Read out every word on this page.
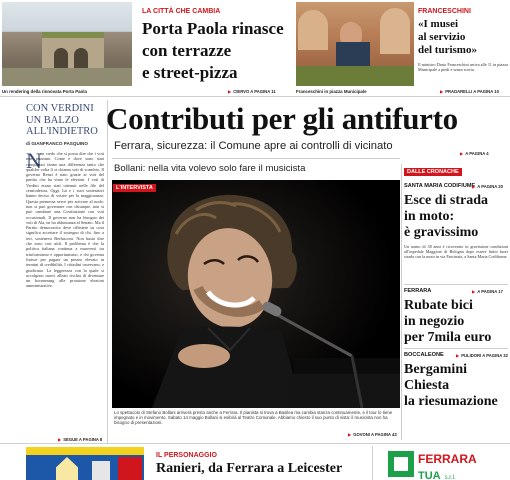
Un rendering della rinnovata Porta Paola
LA CITTÀ CHE CAMBIA
Porta Paola rinasce
con terrazze
e street-pizza
▶ CIERVO A PAGINA 11	Franceschini in piazza Municipale
FRANCESCHINI
«I musei
al servizio
del turismo»
Il ministro Dario Franceschini arriva alle 11 in piazza Municipale a piedi e senza scorta.
▶ PRADARELLI A PAGINA 10
CON VERDINI
UN BALZO
ALL'INDIETRO
di GIANFRANCO PASQUINO
N
on credo che si possa dire che i voti non puzzano. Come e dove sono stati conquistati fanno una differenza tanto che qualche volta li si chiama voti di scambio. Il governo Renzi è nato grazie ai voti del partito che ha vinto le elezioni. I voti di Verdini erano stati ottenuti nelle file del centrodestra. Oggi, lui e i suoi sostenitori hanno deciso di votare per la maggioranza. Questa premessa serve per arrivare al nodo: non si può governare con chiunque, non si può cambiare una Costituzione con voti occasionali. Il governo non ha bisogno dei voti di Ala, ne ha abbastanza al Senato. Ma il Partito democratico deve riflettere su cosa significa accettare il sostegno di chi, fino a ieri, sosteneva Berlusconi. Non basta dire che sono voti utili. Il problema è che la politica italiana continua a muoversi tra trasformismo e opportunismo, e chi governa finisce per pagare un prezzo elevato in termini di credibilità. I cittadini osservano, e giudicano. La leggerezza con la quale si accolgono nuovi alleati rischia di diventare un boomerang alle prossime elezioni amministrative.
▶ SEGUE A PAGINA 8
Contributi per gli antifurto
Ferrara, sicurezza: il Comune apre ai controlli di vicinato
▶ A PAGINA 4
Bollani: nella vita volevo solo fare il musicista
L'INTERVISTA
Lo spettacolo di Stefano Bollani arriverà presto anche a Ferrara. Il pianista si trova a Basilea ma cambia stanza continuamente, e il tour lo tiene impegnato e in movimento. Sabato 14 maggio Bollani si esibirà al Teatro Comunale. Abbiamo chiesto il suo punto di vista: il musicista non ha bisogno di presentazioni.
▶ GOVONI A PAGINA 43
DALLE CRONACHE
SANTA MARIA CODIFIUME ▶ A PAGINA 20
Esce di strada
in moto:
è gravissimo
Un uomo di 38 anni è ricoverato in gravissime condizioni all'ospedale Maggiore di Bologna dopo essere finito fuori strada con la moto in via Fascinata, a Santa Maria Codifiume.
FERRARA	▶ A PAGINA 17
Rubate bici
in negozio
per 7mila euro
BOCCALEONE	▶ PULIDORI A PAGINA 32
Bergamini
Chiesta
la riesumazione
IL PERSONAGGIO
Ranieri, da Ferrara a Leicester
FERRARA
TUA s.r.l.
